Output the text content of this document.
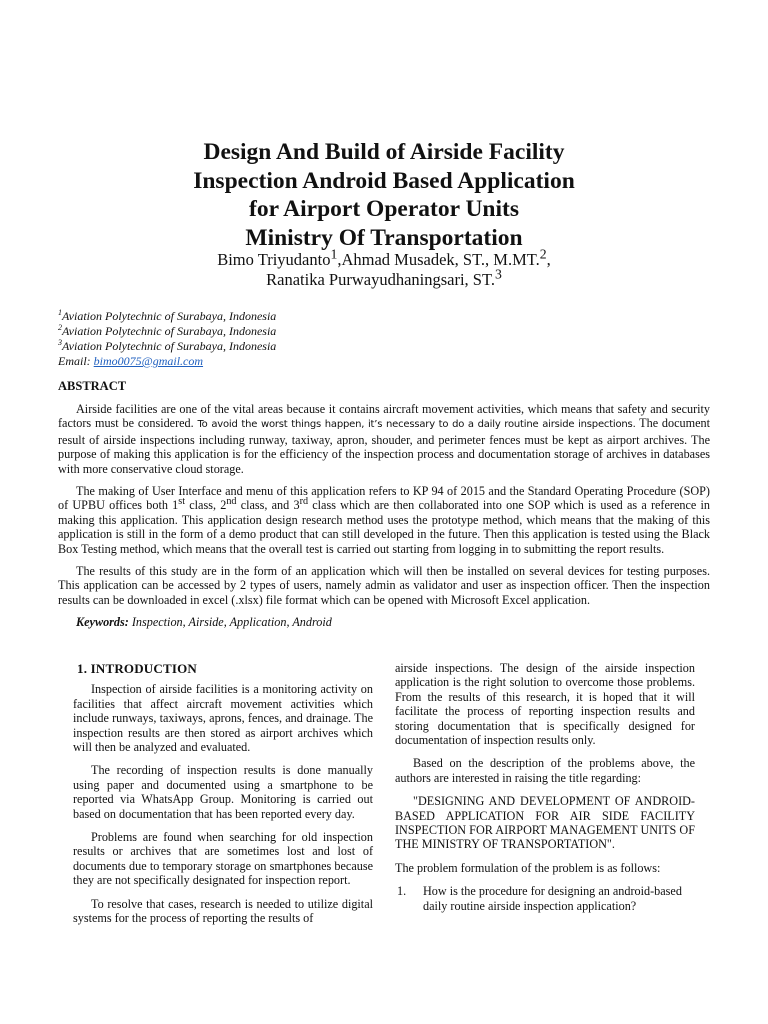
Design And Build of Airside Facility
Inspection Android Based Application
for Airport Operator Units
Ministry Of Transportation
Bimo Triyudanto$^1$,Ahmad Musadek, ST., M.MT.$^2$,
Ranatika Purwayudhaningsari, ST.$^3$
$^1$Aviation Polytechnic of Surabaya, Indonesia
$^2$Aviation Polytechnic of Surabaya, Indonesia
$^3$Aviation Polytechnic of Surabaya, Indonesia
Email: bimo0075@gmail.com
ABSTRACT

Airside facilities are one of the vital areas because it contains aircraft movement activities, which means that safety and security factors must be considered. To avoid the worst things happen, it’s necessary to do a daily routine airside inspections. The document result of airside inspections including runway, taxiway, apron, shouder, and perimeter fences must be kept as airport archives. The purpose of making this application is for the efficiency of the inspection process and documentation storage of archives in databases with more conservative cloud storage.

The making of User Interface and menu of this application refers to KP 94 of 2015 and the Standard Operating Procedure (SOP) of UPBU offices both 1st class, 2nd class, and 3rd class which are then collaborated into one SOP which is used as a reference in making this application. This application design research method uses the prototype method, which means that the making of this application is still in the form of a demo product that can still developed in the future. Then this application is tested using the Black Box Testing method, which means that the overall test is carried out starting from logging in to submitting the report results.

The results of this study are in the form of an application which will then be installed on several devices for testing purposes. This application can be accessed by 2 types of users, namely admin as validator and user as inspection officer. Then the inspection results can be downloaded in excel (.xlsx) file format which can be opened with Microsoft Excel application.

Keywords: Inspection, Airside, Application, Android

1. INTRODUCTION

Inspection of airside facilities is a monitoring activity on facilities that affect aircraft movement activities which include runways, taxiways, aprons, fences, and drainage. The inspection results are then stored as airport archives which will then be analyzed and evaluated.

The recording of inspection results is done manually using paper and documented using a smartphone to be reported via WhatsApp Group. Monitoring is carried out based on documentation that has been reported every day.

Problems are found when searching for old inspection results or archives that are sometimes lost and lost of documents due to temporary storage on smartphones because they are not specifically designated for inspection report.

To resolve that cases, research is needed to utilize digital systems for the process of reporting the results of

airside inspections. The design of the airside inspection application is the right solution to overcome those problems. From the results of this research, it is hoped that it will facilitate the process of reporting inspection results and storing documentation that is specifically designed for documentation of inspection results only.

Based on the description of the problems above, the authors are interested in raising the title regarding:

"DESIGNING AND DEVELOPMENT OF ANDROID-BASED APPLICATION FOR AIR SIDE FACILITY INSPECTION FOR AIRPORT MANAGEMENT UNITS OF THE MINISTRY OF TRANSPORTATION".

The problem formulation of the problem is as follows:

1.	How is the procedure for designing an android-based daily routine airside inspection application?
